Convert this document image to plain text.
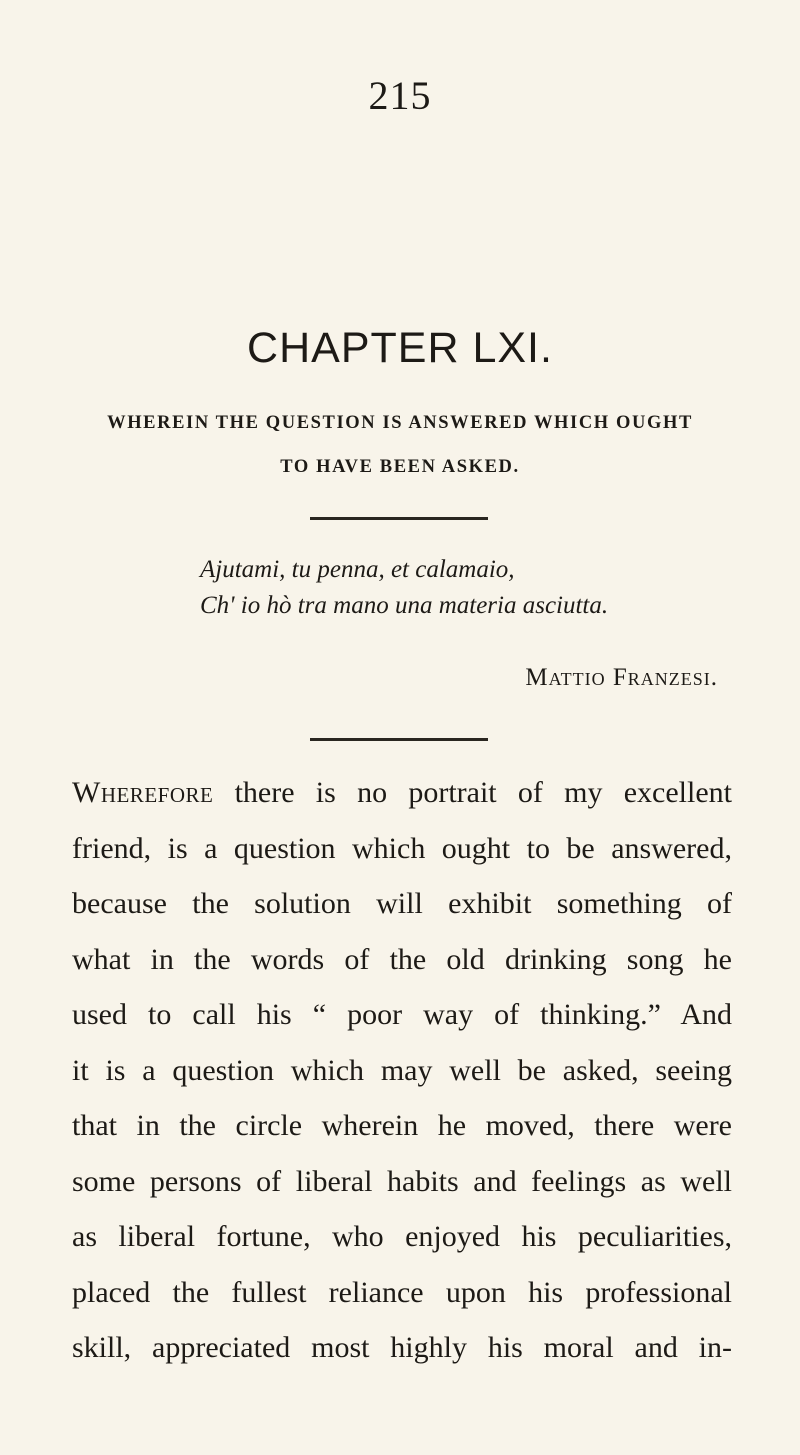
215
CHAPTER LXI.
WHEREIN THE QUESTION IS ANSWERED WHICH OUGHT
TO HAVE BEEN ASKED.
Ajutami, tu penna, et calamaio,
Ch' io hò tra mano una materia asciutta.
Mattio Franzesi.
Wherefore there is no portrait of my excellent
friend, is a question which ought to be answered,
because the solution will exhibit something of
what in the words of the old drinking song he
used to call his “ poor way of thinking.” And
it is a question which may well be asked, seeing
that in the circle wherein he moved, there were
some persons of liberal habits and feelings as well
as liberal fortune, who enjoyed his peculiarities,
placed the fullest reliance upon his professional
skill, appreciated most highly his moral and in-
